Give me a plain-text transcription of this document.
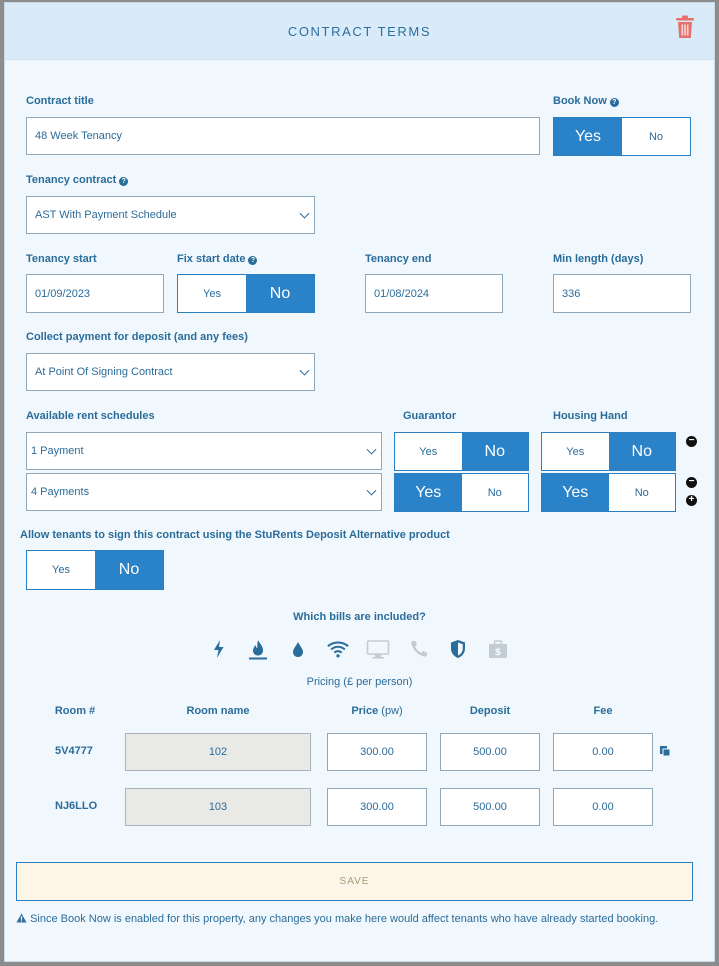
CONTRACT TERMS
Contract title
48 Week Tenancy
Book Now ?
Yes	No
Tenancy contract ?
AST With Payment Schedule
Tenancy start
01/09/2023
Fix start date ?
Yes	No
Tenancy end
01/08/2024
Min length (days)
336
Collect payment for deposit (and any fees)
At Point Of Signing Contract
Available rent schedules	Guarantor	Housing Hand
1 Payment	Yes	No	Yes	No
−
4 Payments	Yes	No	Yes	No
−
+
Allow tenants to sign this contract using the StuRents Deposit Alternative product
Yes	No
Which bills are included?
$
Pricing (£ per person)
Room #	Room name	Price (pw)	Deposit	Fee
5V4777	102	300.00	500.00	0.00
NJ6LLO	103	300.00	500.00	0.00
SAVE
Since Book Now is enabled for this property, any changes you make here would affect tenants who have already started booking.
